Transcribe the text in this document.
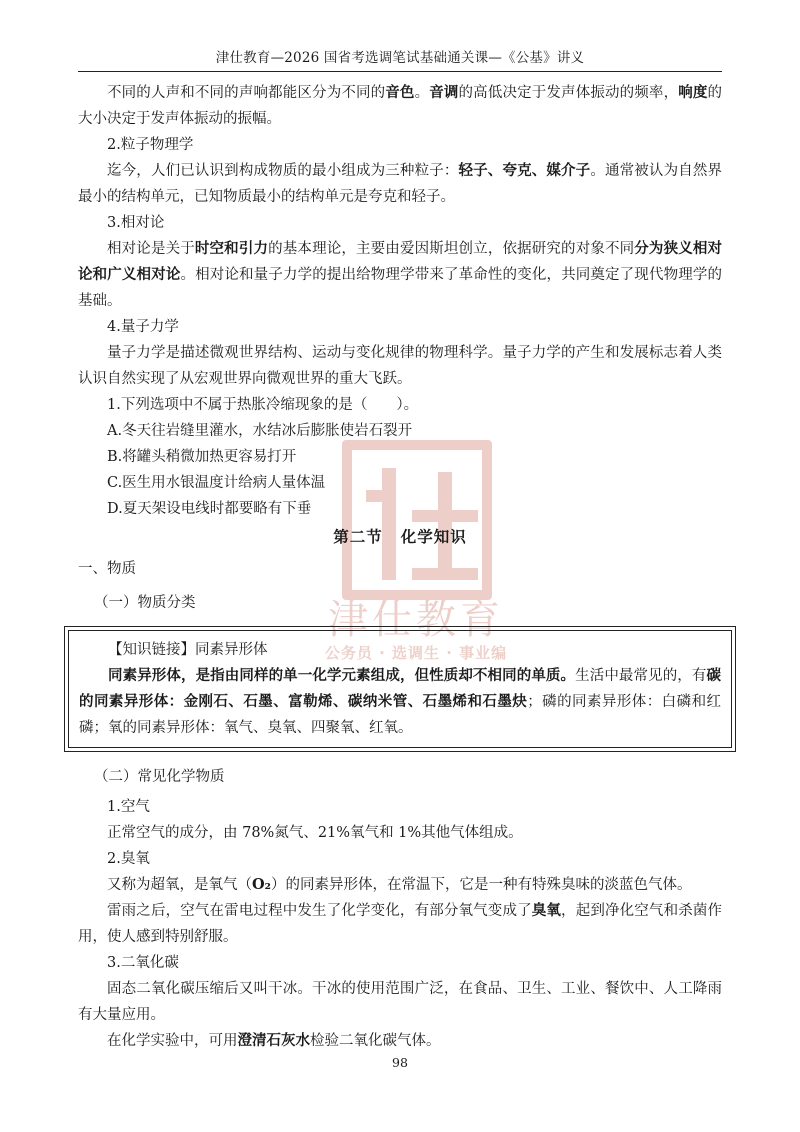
津仕教育—2026 国省考选调笔试基础通关课—《公基》讲义
津仕教育
公务员 · 选调生 · 事业编

不同的人声和不同的声响都能区分为不同的音色。音调的高低决定于发声体振动的频率，响度的大小决定于发声体振动的振幅。

2.粒子物理学

迄今，人们已认识到构成物质的最小组成为三种粒子：轻子、夸克、媒介子。通常被认为自然界最小的结构单元，已知物质最小的结构单元是夸克和轻子。

3.相对论

相对论是关于时空和引力的基本理论，主要由爱因斯坦创立，依据研究的对象不同分为狭义相对论和广义相对论。相对论和量子力学的提出给物理学带来了革命性的变化，共同奠定了现代物理学的基础。

4.量子力学

量子力学是描述微观世界结构、运动与变化规律的物理科学。量子力学的产生和发展标志着人类认识自然实现了从宏观世界向微观世界的重大飞跃。

1.下列选项中不属于热胀冷缩现象的是（　　）。

A.冬天往岩缝里灌水，水结冰后膨胀使岩石裂开

B.将罐头稍微加热更容易打开

C.医生用水银温度计给病人量体温

D.夏天架设电线时都要略有下垂

第二节 化学知识

一、物质

（一）物质分类

【知识链接】同素异形体

同素异形体，是指由同样的单一化学元素组成，但性质却不相同的单质。生活中最常见的，有碳的同素异形体：金刚石、石墨、富勒烯、碳纳米管、石墨烯和石墨炔；磷的同素异形体：白磷和红磷；氧的同素异形体：氧气、臭氧、四聚氧、红氧。

（二）常见化学物质

1.空气

正常空气的成分，由 78%氮气、21%氧气和 1%其他气体组成。

2.臭氧

又称为超氧，是氧气（O₂）的同素异形体，在常温下，它是一种有特殊臭味的淡蓝色气体。

雷雨之后，空气在雷电过程中发生了化学变化，有部分氧气变成了臭氧，起到净化空气和杀菌作用，使人感到特别舒服。

3.二氧化碳

固态二氧化碳压缩后又叫干冰。干冰的使用范围广泛，在食品、卫生、工业、餐饮中、人工降雨有大量应用。

在化学实验中，可用澄清石灰水检验二氧化碳气体。

98
